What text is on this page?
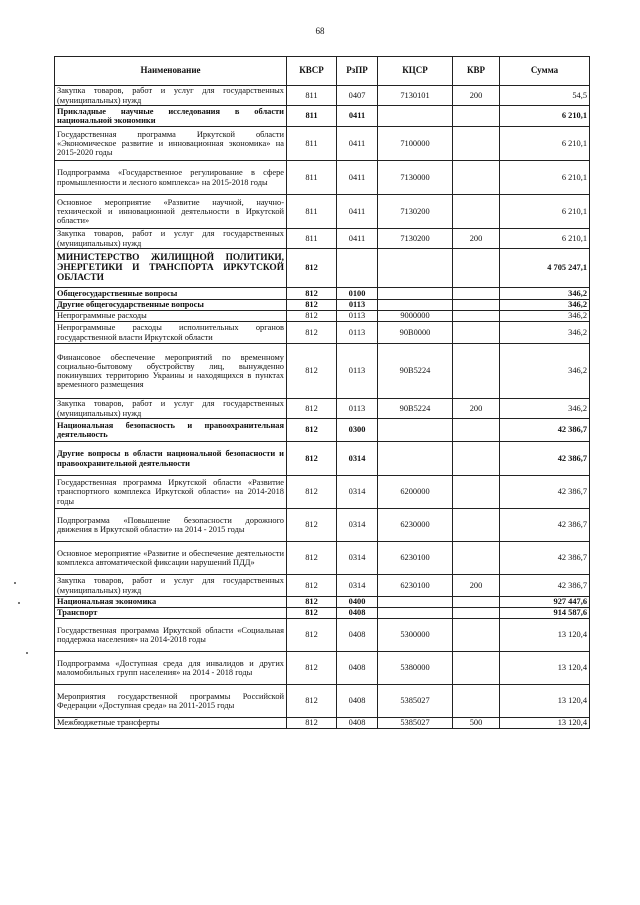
68
Наименование	КВСР	РзПР	КЦСР	КВР	Сумма
Закупка товаров, работ и услуг для государственных (муниципальных) нужд	811	0407	7130101	200	54,5
Прикладные научные исследования в области национальной экономики	811	0411			6 210,1
Государственная программа Иркутской области «Экономическое развитие и инновационная экономика» на 2015-2020 годы	811	0411	7100000		6 210,1
Подпрограмма «Государственное регулирование в сфере промышленности и лесного комплекса» на 2015-2018 годы	811	0411	7130000		6 210,1
Основное мероприятие «Развитие научной, научно-технической и инновационной деятельности в Иркутской области»	811	0411	7130200		6 210,1
Закупка товаров, работ и услуг для государственных (муниципальных) нужд	811	0411	7130200	200	6 210,1
МИНИСТЕРСТВО ЖИЛИЩНОЙ ПОЛИТИКИ, ЭНЕРГЕТИКИ И ТРАНСПОРТА ИРКУТСКОЙ ОБЛАСТИ	812				4 705 247,1
Общегосударственные вопросы	812	0100			346,2
Другие общегосударственные вопросы	812	0113			346,2
Непрограммные расходы	812	0113	9000000		346,2
Непрограммные расходы исполнительных органов государственной власти Иркутской области	812	0113	90В0000		346,2
Финансовое обеспечение мероприятий по временному социально-бытовому обустройству лиц, вынужденно покинувших территорию Украины и находящихся в пунктах временного размещения	812	0113	90В5224		346,2
Закупка товаров, работ и услуг для государственных (муниципальных) нужд	812	0113	90В5224	200	346,2
Национальная безопасность и правоохранительная деятельность	812	0300			42 386,7
Другие вопросы в области национальной безопасности и правоохранительной деятельности	812	0314			42 386,7
Государственная программа Иркутской области «Развитие транспортного комплекса Иркутской области» на 2014-2018 годы	812	0314	6200000		42 386,7
Подпрограмма «Повышение безопасности дорожного движения в Иркутской области» на 2014 - 2015 годы	812	0314	6230000		42 386,7
Основное мероприятие «Развитие и обеспечение деятельности комплекса автоматической фиксации нарушений ПДД»	812	0314	6230100		42 386,7
Закупка товаров, работ и услуг для государственных (муниципальных) нужд	812	0314	6230100	200	42 386,7
Национальная экономика	812	0400			927 447,6
Транспорт	812	0408			914 587,6
Государственная программа Иркутской области «Социальная поддержка населения» на 2014-2018 годы	812	0408	5300000		13 120,4
Подпрограмма «Доступная среда для инвалидов и других маломобильных групп населения» на 2014 - 2018 годы	812	0408	5380000		13 120,4
Мероприятия государственной программы Российской Федерации «Доступная среда» на 2011-2015 годы	812	0408	5385027		13 120,4
Межбюджетные трансферты	812	0408	5385027	500	13 120,4
